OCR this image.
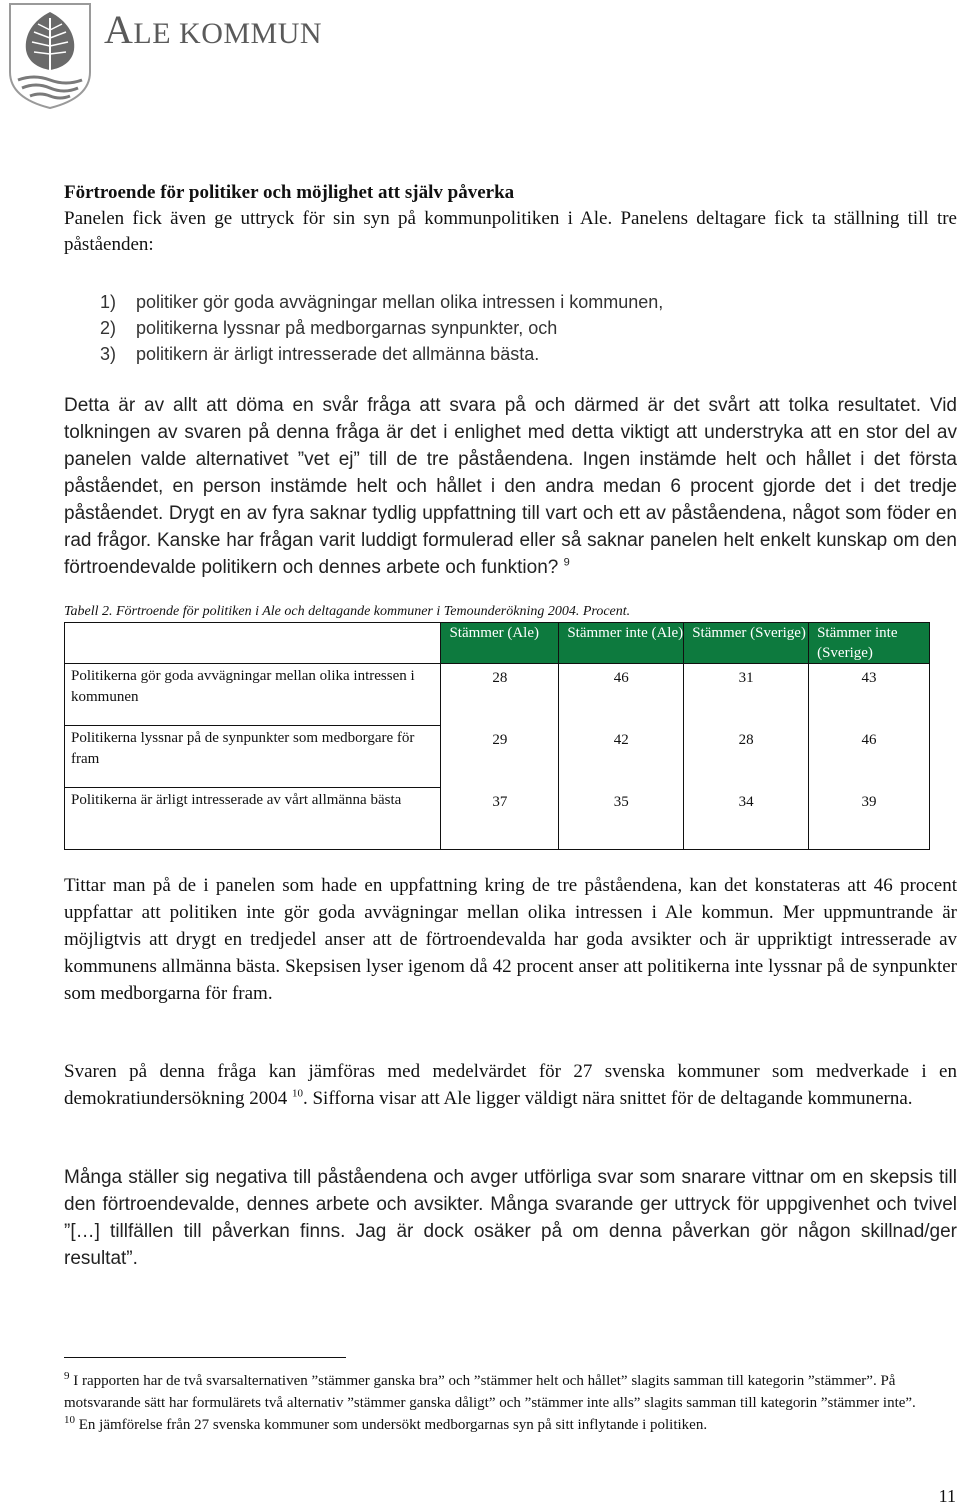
ALE KOMMUN
Förtroende för politiker och möjlighet att själv påverka
Panelen fick även ge uttryck för sin syn på kommunpolitiken i Ale. Panelens deltagare fick ta ställning till tre påståenden:
1) politiker gör goda avvägningar mellan olika intressen i kommunen,
2) politikerna lyssnar på medborgarnas synpunkter, och
3) politikern är ärligt intresserade det allmänna bästa.
Detta är av allt att döma en svår fråga att svara på och därmed är det svårt att tolka resultatet. Vid tolkningen av svaren på denna fråga är det i enlighet med detta viktigt att understryka att en stor del av panelen valde alternativet ”vet ej” till de tre påståendena. Ingen instämde helt och hållet i det första påståendet, en person instämde helt och hållet i den andra medan 6 procent gjorde det i det tredje påståendet. Drygt en av fyra saknar tydlig uppfattning till vart och ett av påståendena, något som föder en rad frågor. Kanske har frågan varit luddigt formulerad eller så saknar panelen helt enkelt kunskap om den förtroendevalde politikern och dennes arbete och funktion? $^9$
Tabell 2. Förtroende för politiken i Ale och deltagande kommuner i Temounderökning 2004. Procent.
	Stämmer (Ale)	Stämmer inte (Ale)	Stämmer (Sverige)	Stämmer inte (Sverige)
Politikerna gör goda avvägningar mellan olika intressen i kommunen	28	46	31	43
Politikerna lyssnar på de synpunkter som medborgare för fram	29	42	28	46
Politikerna är ärligt intresserade av vårt allmänna bästa	37	35	34	39
Tittar man på de i panelen som hade en uppfattning kring de tre påståendena, kan det konstateras att 46 procent uppfattar att politiken inte gör goda avvägningar mellan olika intressen i Ale kommun. Mer uppmuntrande är möjligtvis att drygt en tredjedel anser att de förtroendevalda har goda avsikter och är uppriktigt intresserade av kommunens allmänna bästa. Skepsisen lyser igenom då 42 procent anser att politikerna inte lyssnar på de synpunkter som medborgarna för fram.
Svaren på denna fråga kan jämföras med medelvärdet för 27 svenska kommuner som medverkade i en demokratiundersökning 2004 $^{10}$. Sifforna visar att Ale ligger väldigt nära snittet för de deltagande kommunerna.
Många ställer sig negativa till påståendena och avger utförliga svar som snarare vittnar om en skepsis till den förtroendevalde, dennes arbete och avsikter. Många svarande ger uttryck för uppgivenhet och tvivel ”[…] tillfällen till påverkan finns. Jag är dock osäker på om denna påverkan gör någon skillnad/ger resultat”.
$^9$ I rapporten har de två svarsalternativen ”stämmer ganska bra” och ”stämmer helt och hållet” slagits samman till kategorin ”stämmer”. På motsvarande sätt har formulärets två alternativ ”stämmer ganska dåligt” och ”stämmer inte alls” slagits samman till kategorin ”stämmer inte”.
$^{10}$ En jämförelse från 27 svenska kommuner som undersökt medborgarnas syn på sitt inflytande i politiken.
11
